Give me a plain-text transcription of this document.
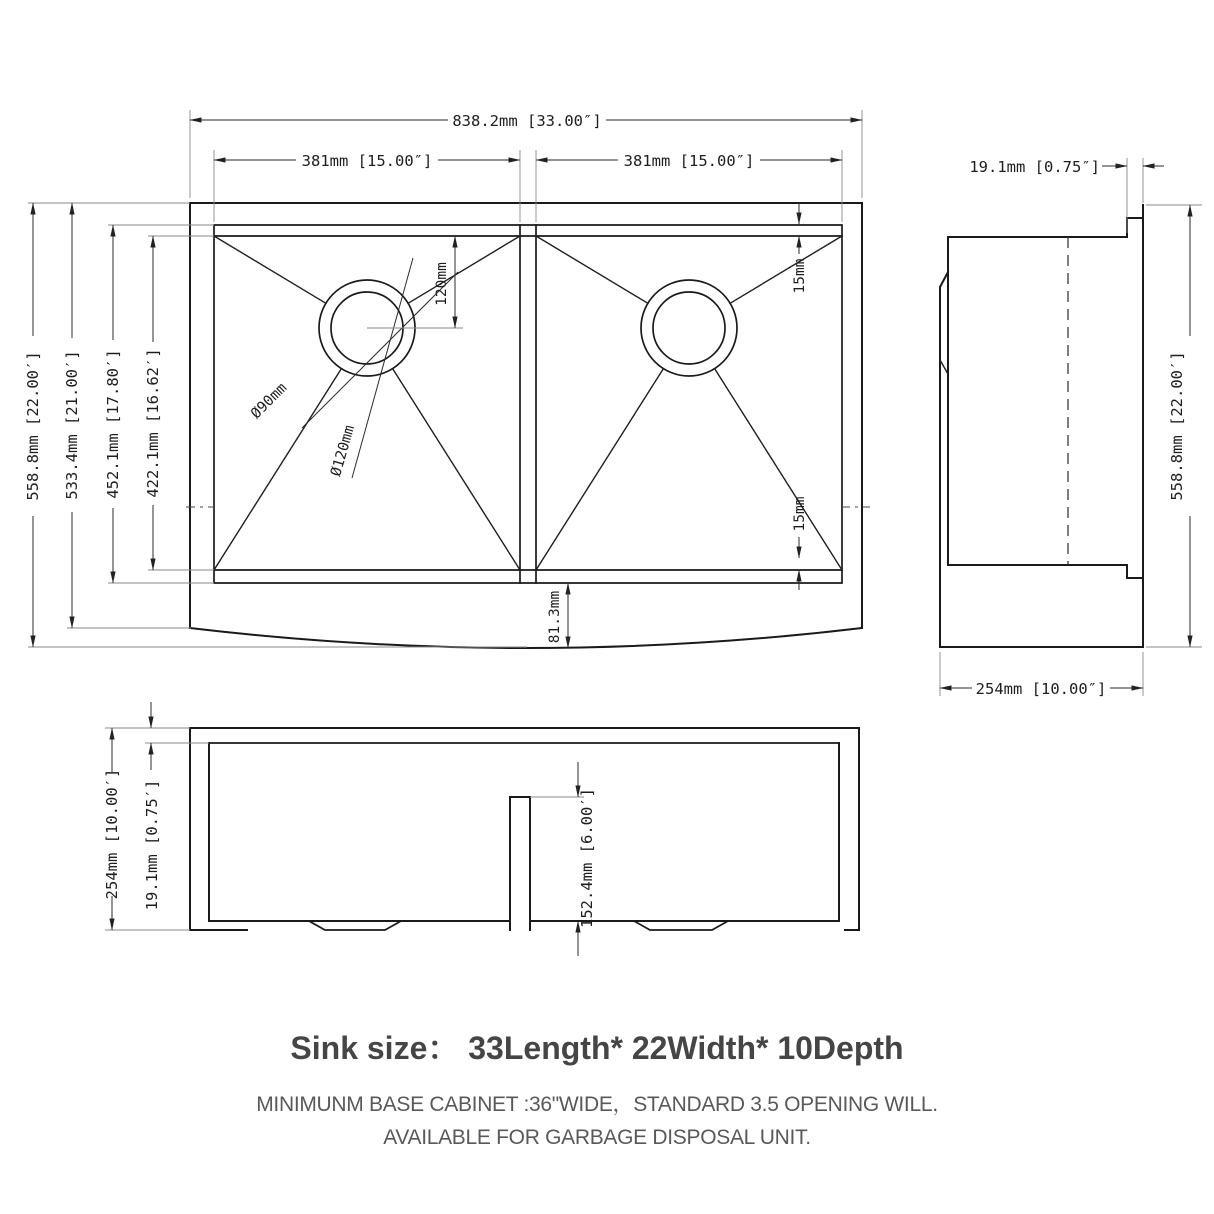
Ø90mm
Ø120mm
838.2mm [33.00″]
381mm [15.00″]	381mm [15.00″]
558.8mm [22.00′] 533.4mm [21.00′] 452.1mm [17.80′] 422.1mm [16.62′]
120mm	15mm
15mm
81.3mm
19.1mm [0.75″]
558.8mm [22.00′]
254mm [10.00″]
254mm [10.00′] 19.1mm [0.75′]	152.4mm [6.00′]
Sink size： 33Length* 22Width* 10Depth
MINIMUNM BASE CABINET :36"WIDE，STANDARD 3.5 OPENING WILL.
AVAILABLE FOR GARBAGE DISPOSAL UNIT.
